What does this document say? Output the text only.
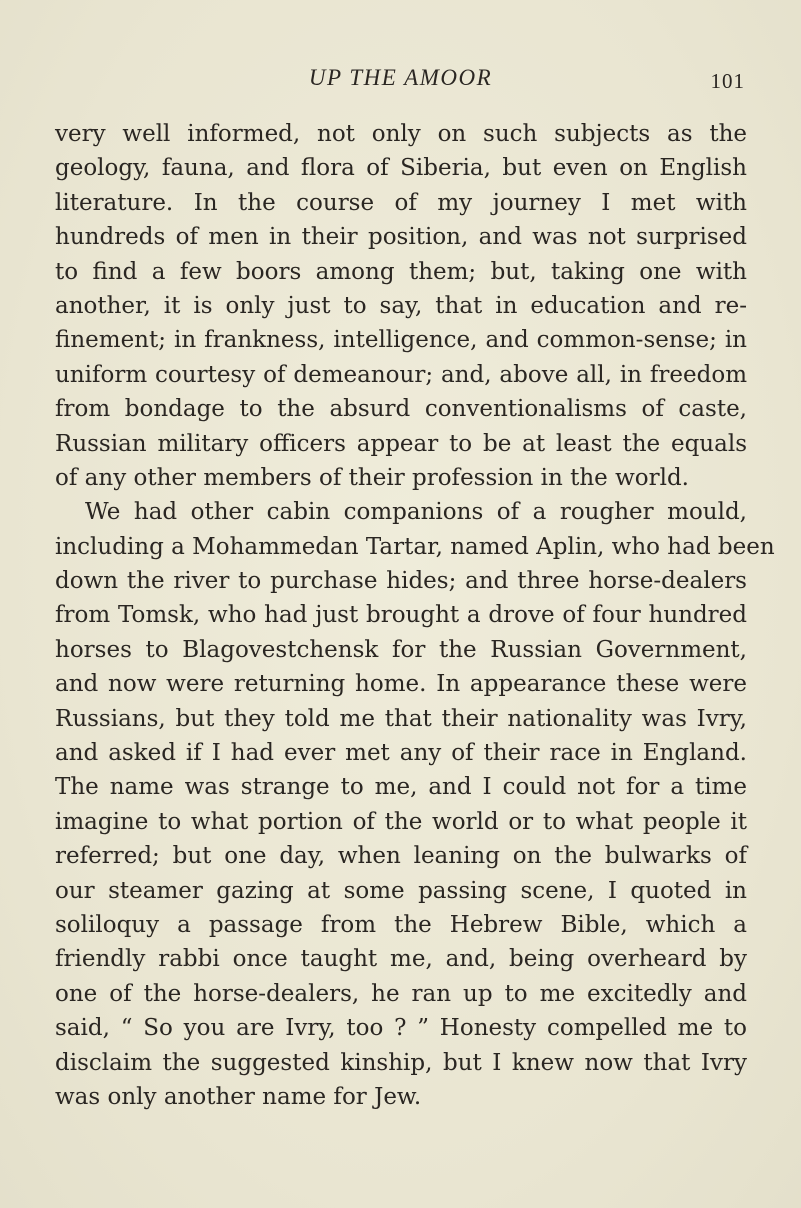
UP THE AMOOR	101
very well informed, not only on such subjects as the
geology, fauna, and flora of Siberia, but even on English
literature. In the course of my journey I met with
hundreds of men in their position, and was not surprised
to find a few boors among them; but, taking one with
another, it is only just to say, that in education and re-
finement; in frankness, intelligence, and common-sense; in
uniform courtesy of demeanour; and, above all, in freedom
from bondage to the absurd conventionalisms of caste,
Russian military officers appear to be at least the equals
of any other members of their profession in the world.
We had other cabin companions of a rougher mould,
including a Mohammedan Tartar, named Aplin, who had been
down the river to purchase hides; and three horse-dealers
from Tomsk, who had just brought a drove of four hundred
horses to Blagovestchensk for the Russian Government,
and now were returning home. In appearance these were
Russians, but they told me that their nationality was Ivry,
and asked if I had ever met any of their race in England.
The name was strange to me, and I could not for a time
imagine to what portion of the world or to what people it
referred; but one day, when leaning on the bulwarks of
our steamer gazing at some passing scene, I quoted in
soliloquy a passage from the Hebrew Bible, which a
friendly rabbi once taught me, and, being overheard by
one of the horse-dealers, he ran up to me excitedly and
said, “ So you are Ivry, too ? ” Honesty compelled me to
disclaim the suggested kinship, but I knew now that Ivry
was only another name for Jew.
